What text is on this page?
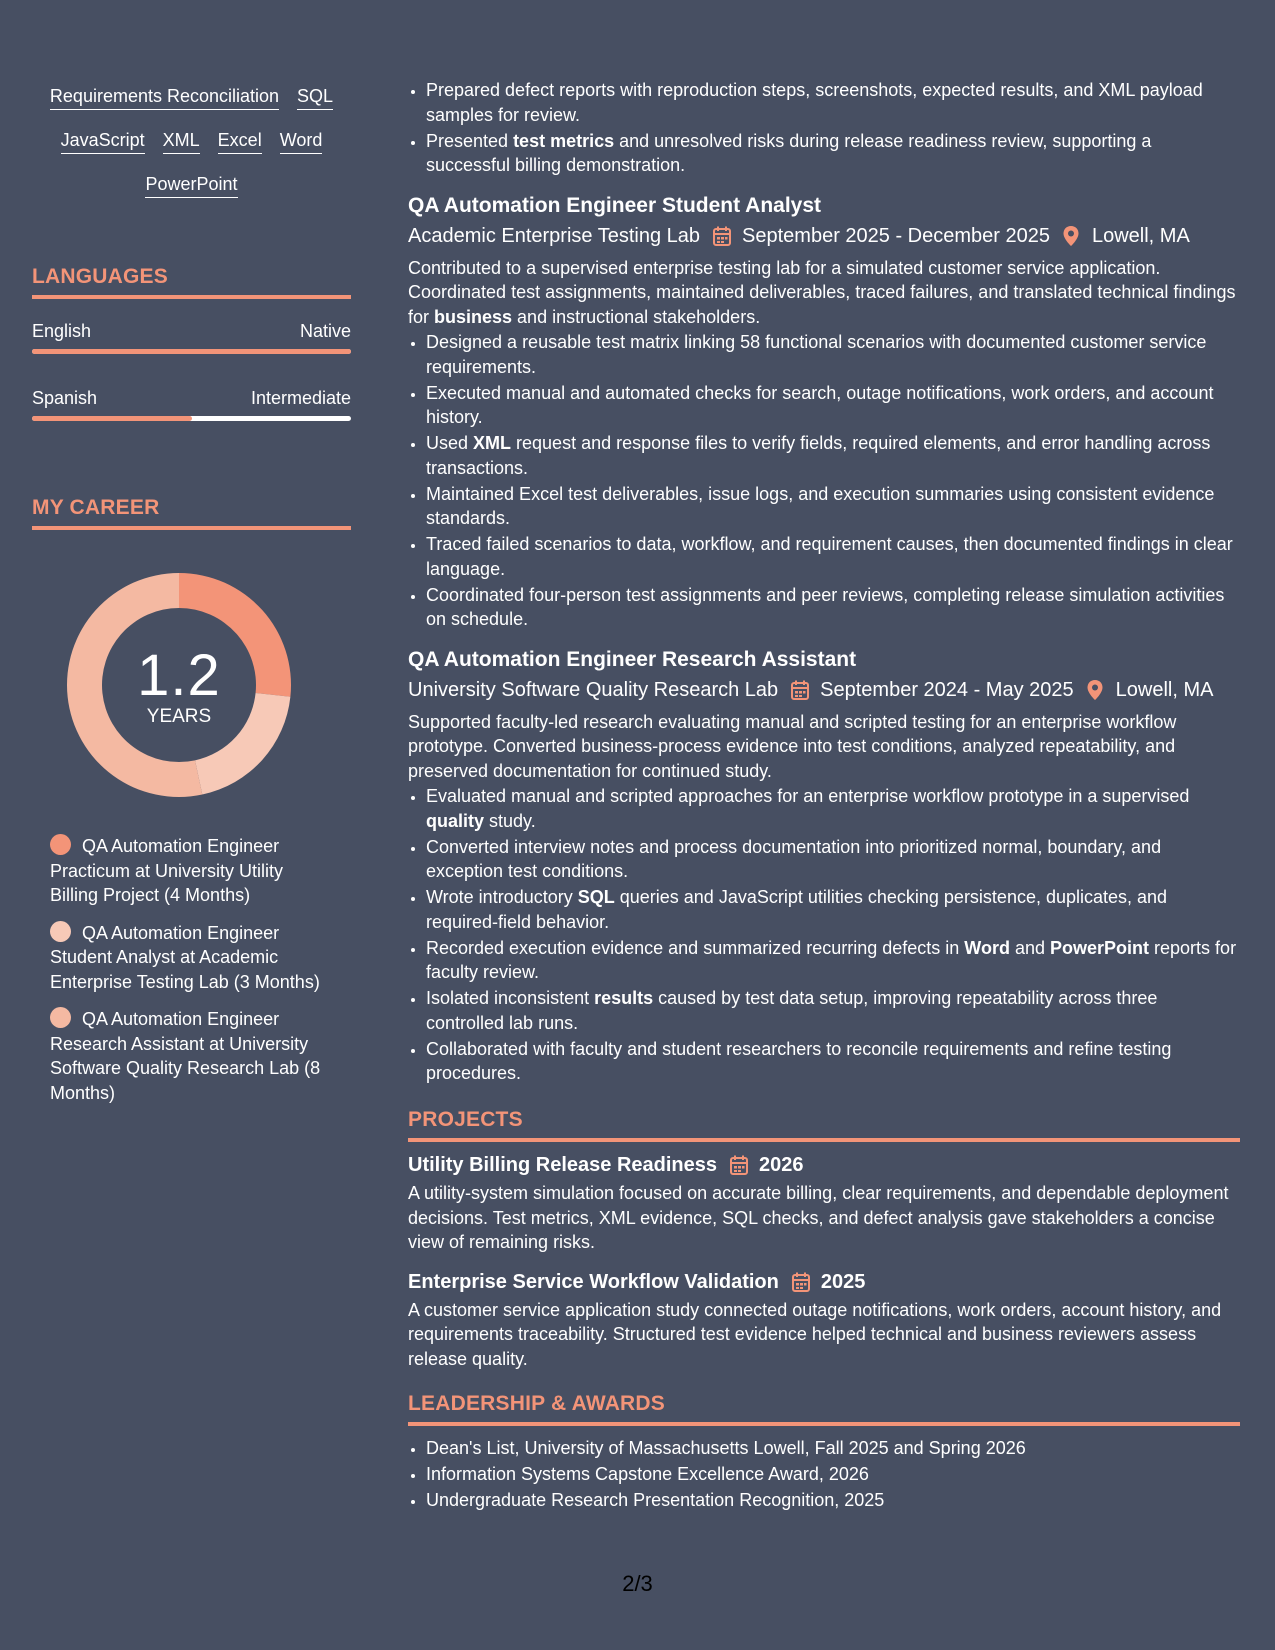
Requirements Reconciliation SQL
JavaScript XML Excel Word
PowerPoint
LANGUAGES
English	Native
Spanish	Intermediate
MY CAREER
1.2
YEARS
QA Automation Engineer Practicum at University Utility Billing Project (4 Months)
QA Automation Engineer Student Analyst at Academic Enterprise Testing Lab (3 Months)
QA Automation Engineer Research Assistant at University Software Quality Research Lab (8 Months)
• Prepared defect reports with reproduction steps, screenshots, expected results, and XML payload samples for review.
• Presented test metrics and unresolved risks during release readiness review, supporting a successful billing demonstration.
QA Automation Engineer Student Analyst
Academic Enterprise Testing Lab September 2025 - December 2025 Lowell, MA

Contributed to a supervised enterprise testing lab for a simulated customer service application. Coordinated test assignments, maintained deliverables, traced failures, and translated technical findings for business and instructional stakeholders.

• Designed a reusable test matrix linking 58 functional scenarios with documented customer service requirements.
• Executed manual and automated checks for search, outage notifications, work orders, and account history.
• Used XML request and response files to verify fields, required elements, and error handling across transactions.
• Maintained Excel test deliverables, issue logs, and execution summaries using consistent evidence standards.
• Traced failed scenarios to data, workflow, and requirement causes, then documented findings in clear language.
• Coordinated four-person test assignments and peer reviews, completing release simulation activities on schedule.
QA Automation Engineer Research Assistant
University Software Quality Research Lab September 2024 - May 2025 Lowell, MA

Supported faculty-led research evaluating manual and scripted testing for an enterprise workflow prototype. Converted business-process evidence into test conditions, analyzed repeatability, and preserved documentation for continued study.

• Evaluated manual and scripted approaches for an enterprise workflow prototype in a supervised quality study.
• Converted interview notes and process documentation into prioritized normal, boundary, and exception test conditions.
• Wrote introductory SQL queries and JavaScript utilities checking persistence, duplicates, and required-field behavior.
• Recorded execution evidence and summarized recurring defects in Word and PowerPoint reports for faculty review.
• Isolated inconsistent results caused by test data setup, improving repeatability across three controlled lab runs.
• Collaborated with faculty and student researchers to reconcile requirements and refine testing procedures.
PROJECTS
Utility Billing Release Readiness 2026

A utility-system simulation focused on accurate billing, clear requirements, and dependable deployment decisions. Test metrics, XML evidence, SQL checks, and defect analysis gave stakeholders a concise view of remaining risks.

Enterprise Service Workflow Validation 2025

A customer service application study connected outage notifications, work orders, account history, and requirements traceability. Structured test evidence helped technical and business reviewers assess release quality.

LEADERSHIP & AWARDS
• Dean's List, University of Massachusetts Lowell, Fall 2025 and Spring 2026
• Information Systems Capstone Excellence Award, 2026
• Undergraduate Research Presentation Recognition, 2025
2/3
